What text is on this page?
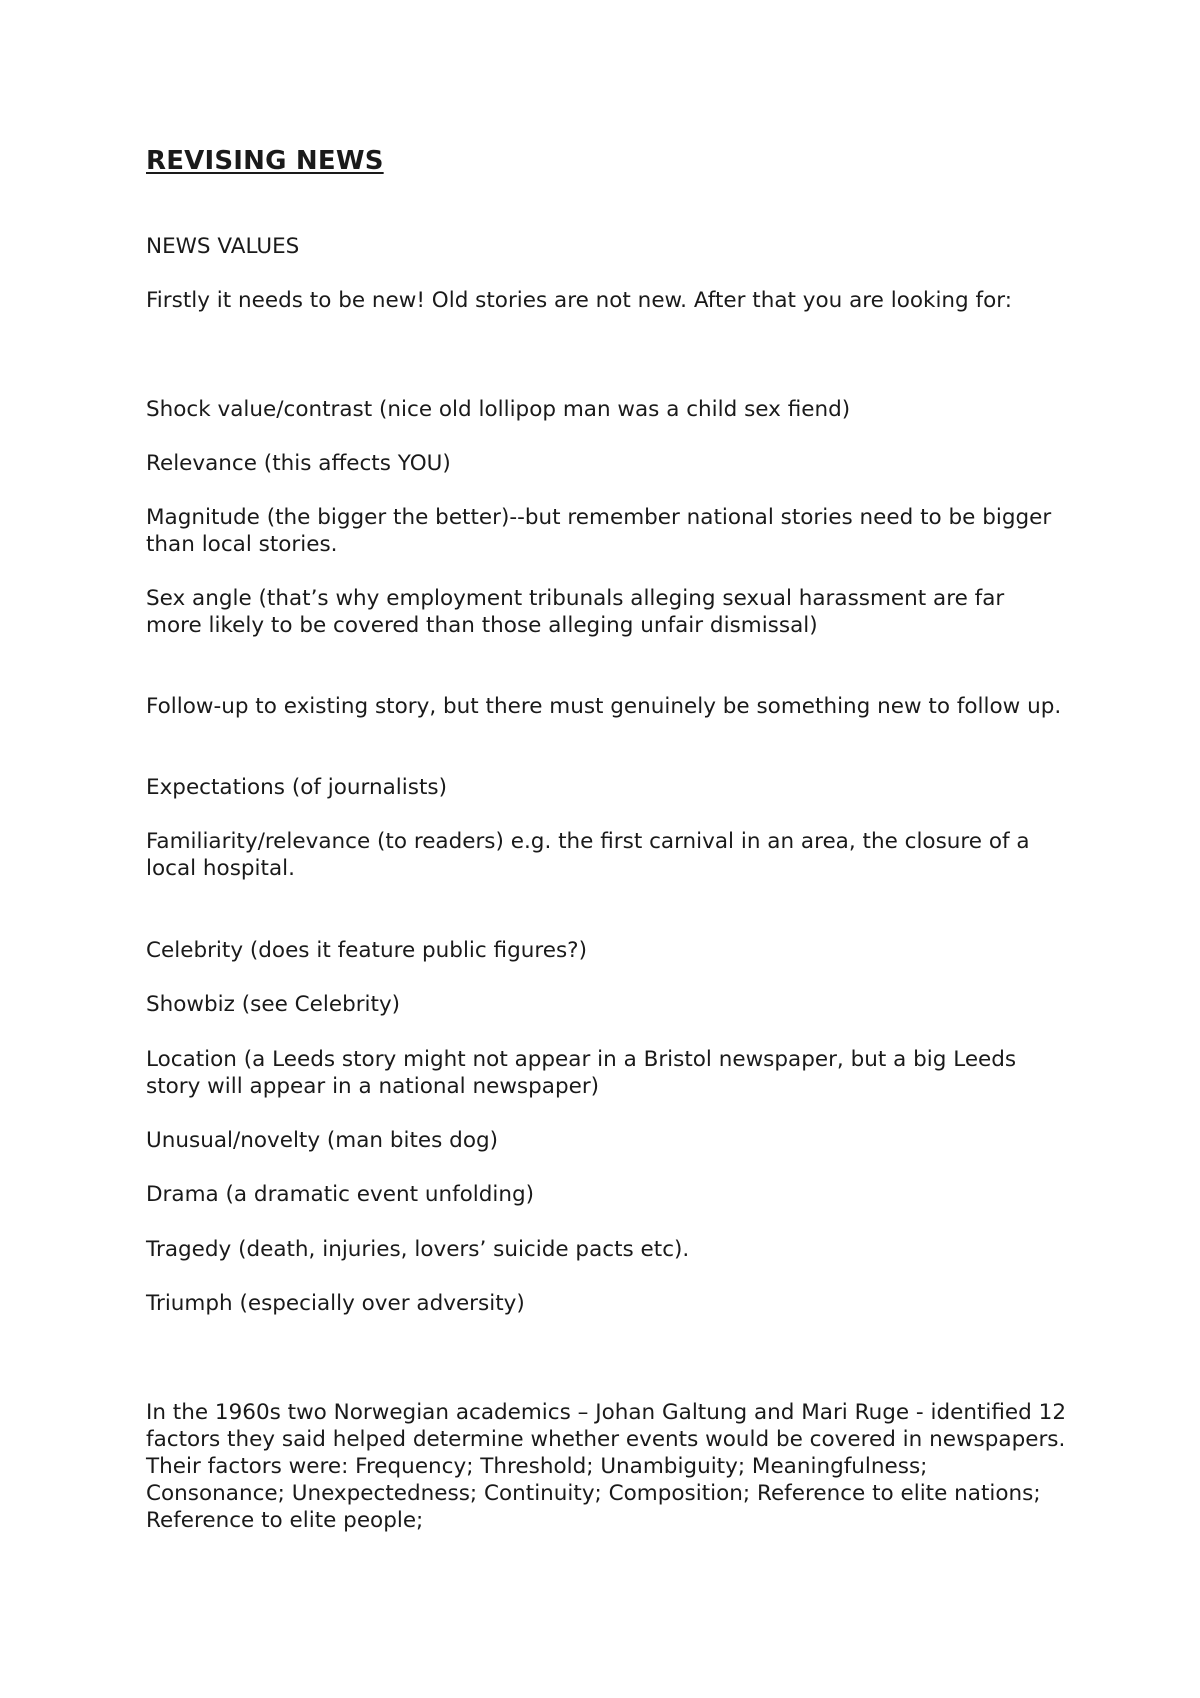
REVISING NEWS

NEWS VALUES

Firstly it needs to be new! Old stories are not new. After that you are looking for:

Shock value/contrast (nice old lollipop man was a child sex fiend)

Relevance (this affects YOU)

Magnitude (the bigger the better)--but remember national stories need to be bigger than local stories.

Sex angle (that’s why employment tribunals alleging sexual harassment are far more likely to be covered than those alleging unfair dismissal)

Follow-up to existing story, but there must genuinely be something new to follow up.

Expectations (of journalists)

Familiarity/relevance (to readers) e.g. the first carnival in an area, the closure of a local hospital.

Celebrity (does it feature public figures?)

Showbiz (see Celebrity)

Location (a Leeds story might not appear in a Bristol newspaper, but a big Leeds story will appear in a national newspaper)

Unusual/novelty (man bites dog)

Drama (a dramatic event unfolding)

Tragedy (death, injuries, lovers’ suicide pacts etc).

Triumph (especially over adversity)

In the 1960s two Norwegian academics – Johan Galtung and Mari Ruge - identified 12 factors they said helped determine whether events would be covered in newspapers. Their factors were: Frequency; Threshold; Unambiguity; Meaningfulness; Consonance; Unexpectedness; Continuity; Composition; Reference to elite nations; Reference to elite people;
